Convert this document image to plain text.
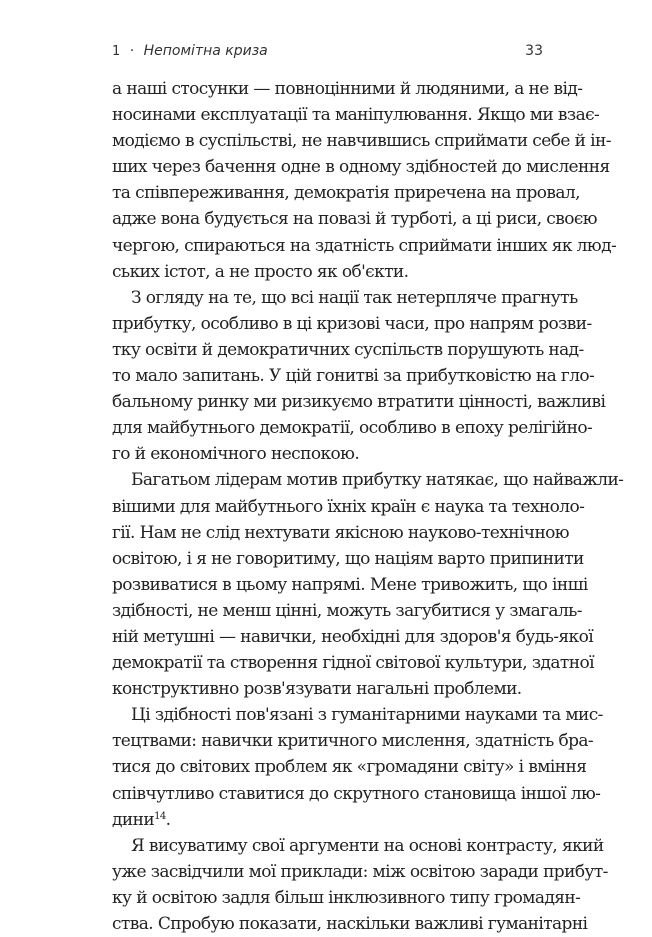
1 · Непомітна криза	33
а наші стосунки — повноцінними й людяними, а не від-
носинами експлуатації та маніпулювання. Якщо ми взає-
модіємо в суспільстві, не навчившись сприймати себе й ін-
ших через бачення одне в одному здібностей до мислення
та співпереживання, демократія приречена на провал,
адже вона будується на повазі й турботі, а ці риси, своєю
чергою, спираються на здатність сприймати інших як люд-
ських істот, а не просто як об'єкти.
З огляду на те, що всі нації так нетерпляче прагнуть
прибутку, особливо в ці кризові часи, про напрям розви-
тку освіти й демократичних суспільств порушують над-
то мало запитань. У цій гонитві за прибутковістю на гло-
бальному ринку ми ризикуємо втратити цінності, важливі
для майбутнього демократії, особливо в епоху релігійно-
го й економічного неспокою.
Багатьом лідерам мотив прибутку натякає, що найважли-
вішими для майбутнього їхніх країн є наука та техноло-
гії. Нам не слід нехтувати якісною науково-технічною
освітою, і я не говоритиму, що націям варто припинити
розвиватися в цьому напрямі. Мене тривожить, що інші
здібності, не менш цінні, можуть загубитися у змагаль-
ній метушні — навички, необхідні для здоров'я будь-якої
демократії та створення гідної світової культури, здатної
конструктивно розв'язувати нагальні проблеми.
Ці здібності пов'язані з гуманітарними науками та мис-
тецтвами: навички критичного мислення, здатність бра-
тися до світових проблем як «громадяни світу» і вміння
співчутливо ставитися до скрутного становища іншої лю-
дини$^{14}$.
Я висуватиму свої аргументи на основі контрасту, який
уже засвідчили мої приклади: між освітою заради прибут-
ку й освітою задля більш інклюзивного типу громадян-
ства. Спробую показати, наскільки важливі гуманітарні
